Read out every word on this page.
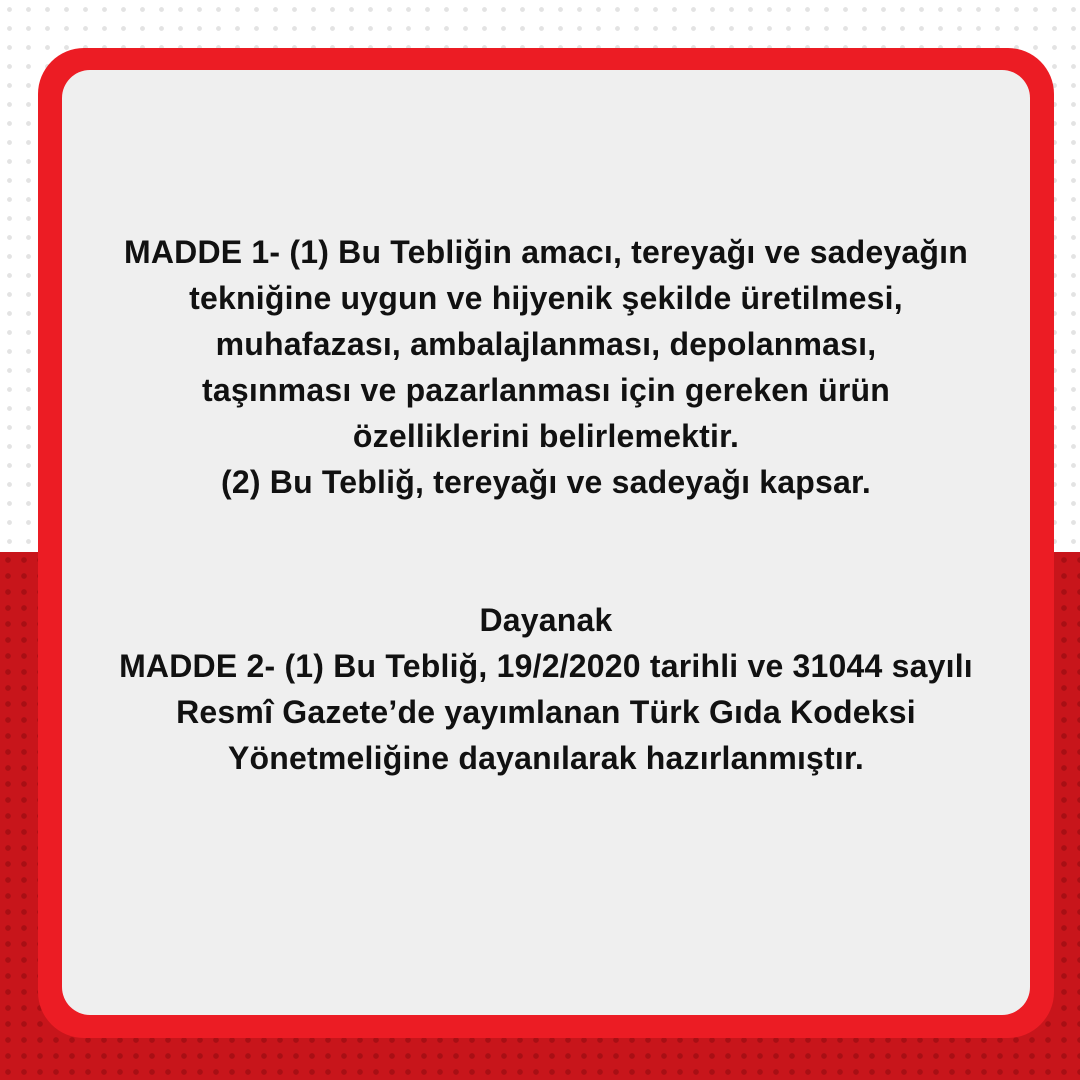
MADDE 1- (1) Bu Tebliğin amacı, tereyağı ve sadeyağın
tekniğine uygun ve hijyenik şekilde üretilmesi,
muhafazası, ambalajlanması, depolanması,
taşınması ve pazarlanması için gereken ürün
özelliklerini belirlemektir.
(2) Bu Tebliğ, tereyağı ve sadeyağı kapsar.
Dayanak
MADDE 2- (1) Bu Tebliğ, 19/2/2020 tarihli ve 31044 sayılı
Resmî Gazete’de yayımlanan Türk Gıda Kodeksi
Yönetmeliğine dayanılarak hazırlanmıştır.
